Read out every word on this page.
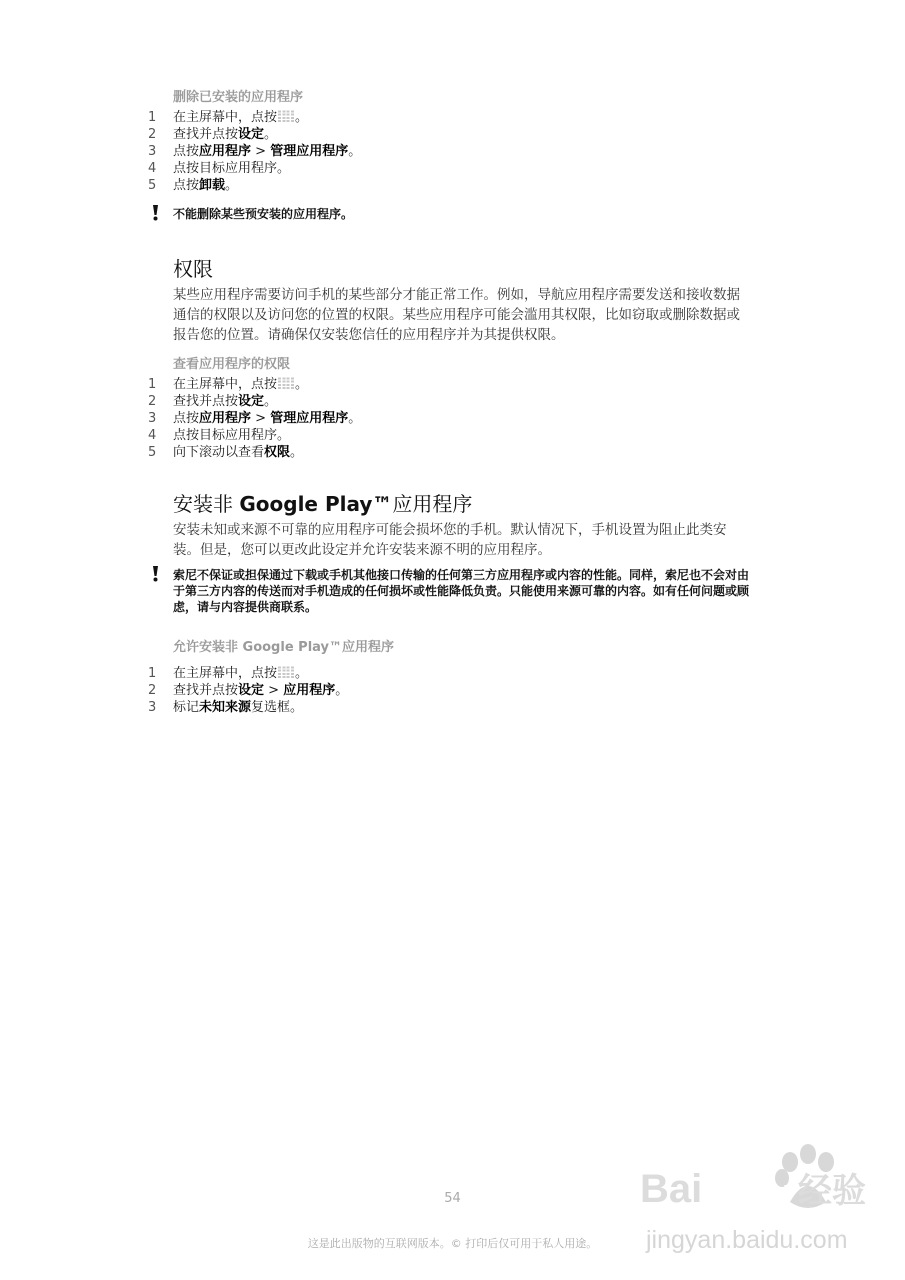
删除已安装的应用程序
1	在主屏幕中，点按 。
2	查找并点按设定。
3	点按应用程序 > 管理应用程序。
4	点按目标应用程序。
5	点按卸载。
不能删除某些预安装的应用程序。
权限
某些应用程序需要访问手机的某些部分才能正常工作。例如，导航应用程序需要发送和接收数据通信的权限以及访问您的位置的权限。某些应用程序可能会滥用其权限，比如窃取或删除数据或报告您的位置。请确保仅安装您信任的应用程序并为其提供权限。
查看应用程序的权限
1	在主屏幕中，点按 。
2	查找并点按设定。
3	点按应用程序 > 管理应用程序。
4	点按目标应用程序。
5	向下滚动以查看权限。
安装非 Google Play™应用程序
安装未知或来源不可靠的应用程序可能会损坏您的手机。默认情况下，手机设置为阻止此类安装。但是，您可以更改此设定并允许安装来源不明的应用程序。
索尼不保证或担保通过下载或手机其他接口传输的任何第三方应用程序或内容的性能。同样，索尼也不会对由于第三方内容的传送而对手机造成的任何损坏或性能降低负责。只能使用来源可靠的内容。如有任何问题或顾虑，请与内容提供商联系。
允许安装非 Google Play™应用程序
1	在主屏幕中，点按 。
2	查找并点按设定 > 应用程序。
3	标记未知来源复选框。
54
这是此出版物的互联网版本。© 打印后仅可用于私人用途。
Bai du 经验
jingyan.baidu.com
